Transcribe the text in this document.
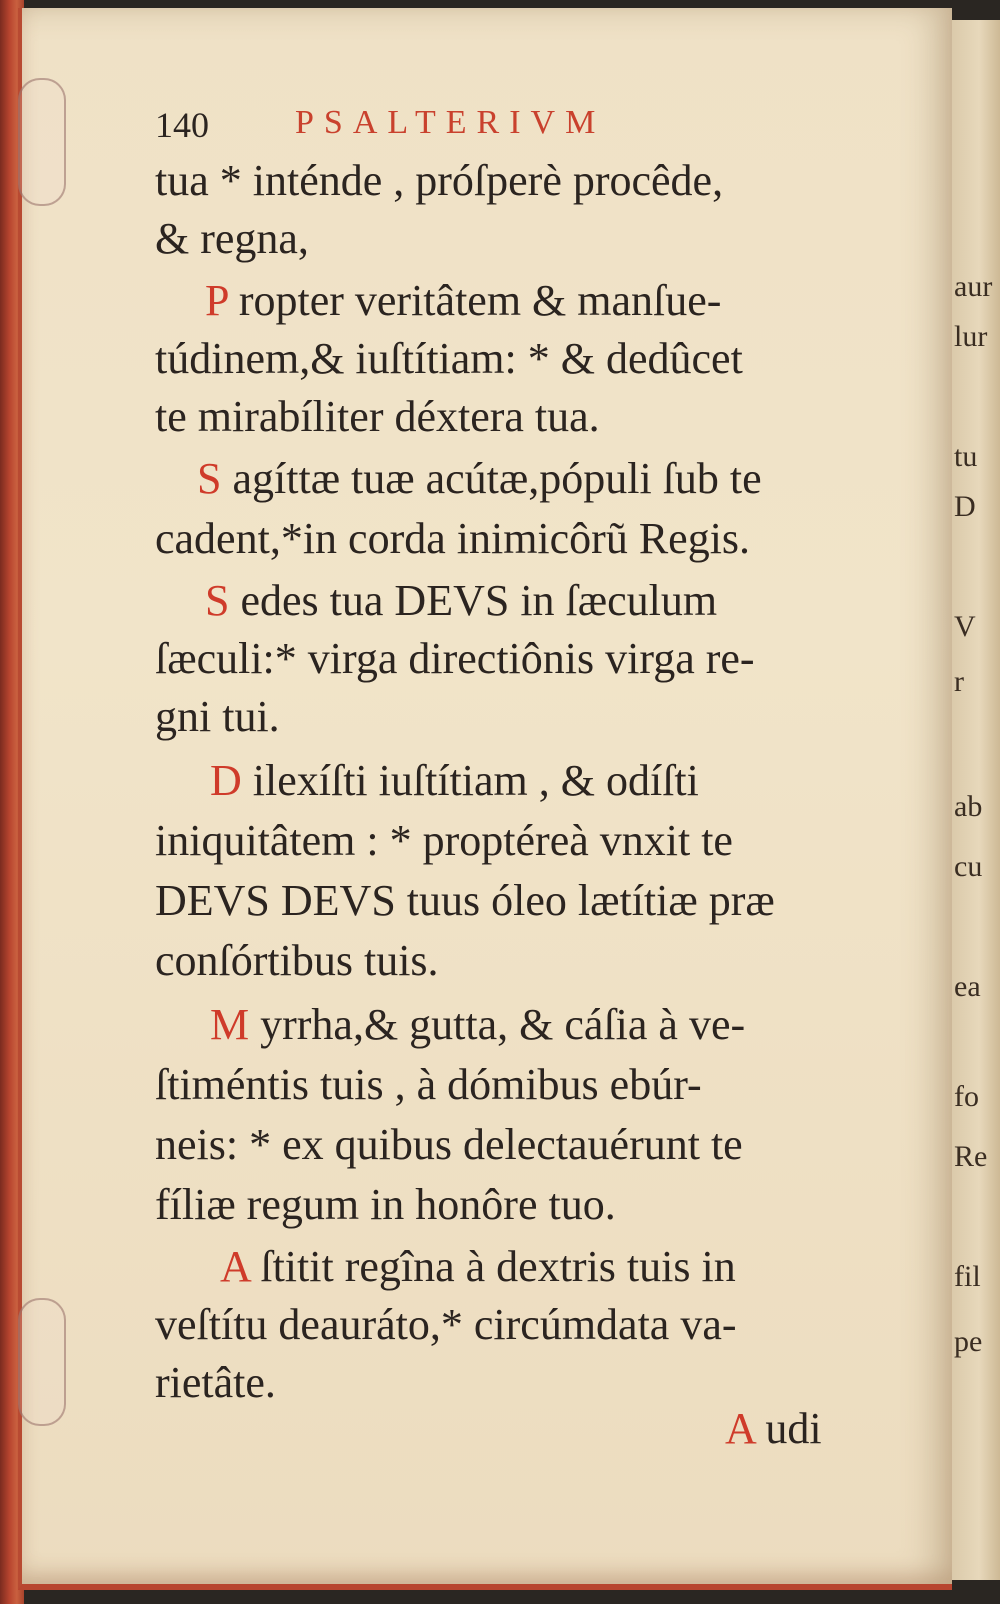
aur
lur
tu
D
V
r
ab
cu
ea
fo
Re
fil
pe
140	PSALTERIVM
tua * inténde , próſperè procêde,
& regna,
P ropter veritâtem & manſue-
túdinem,& iuſtítiam: * & dedûcet
te mirabíliter déxtera tua.
S agíttæ tuæ acútæ,pópuli ſub te
cadent,*in corda inimicôrũ Regis.
S edes tua DEVS in ſæculum
ſæculi:* virga directiônis virga re-
gni tui.
D ilexíſti iuſtítiam , & odíſti
iniquitâtem : * proptéreà vnxit te
DEVS DEVS tuus óleo lætítiæ præ
conſórtibus tuis.
M yrrha,& gutta, & cáſia à ve-
ſtiméntis tuis , à dómibus ebúr-
neis: * ex quibus delectauérunt te
fíliæ regum in honôre tuo.
A ſtitit regîna à dextris tuis in
veſtítu deauráto,* circúmdata va-
rietâte.
A udi
